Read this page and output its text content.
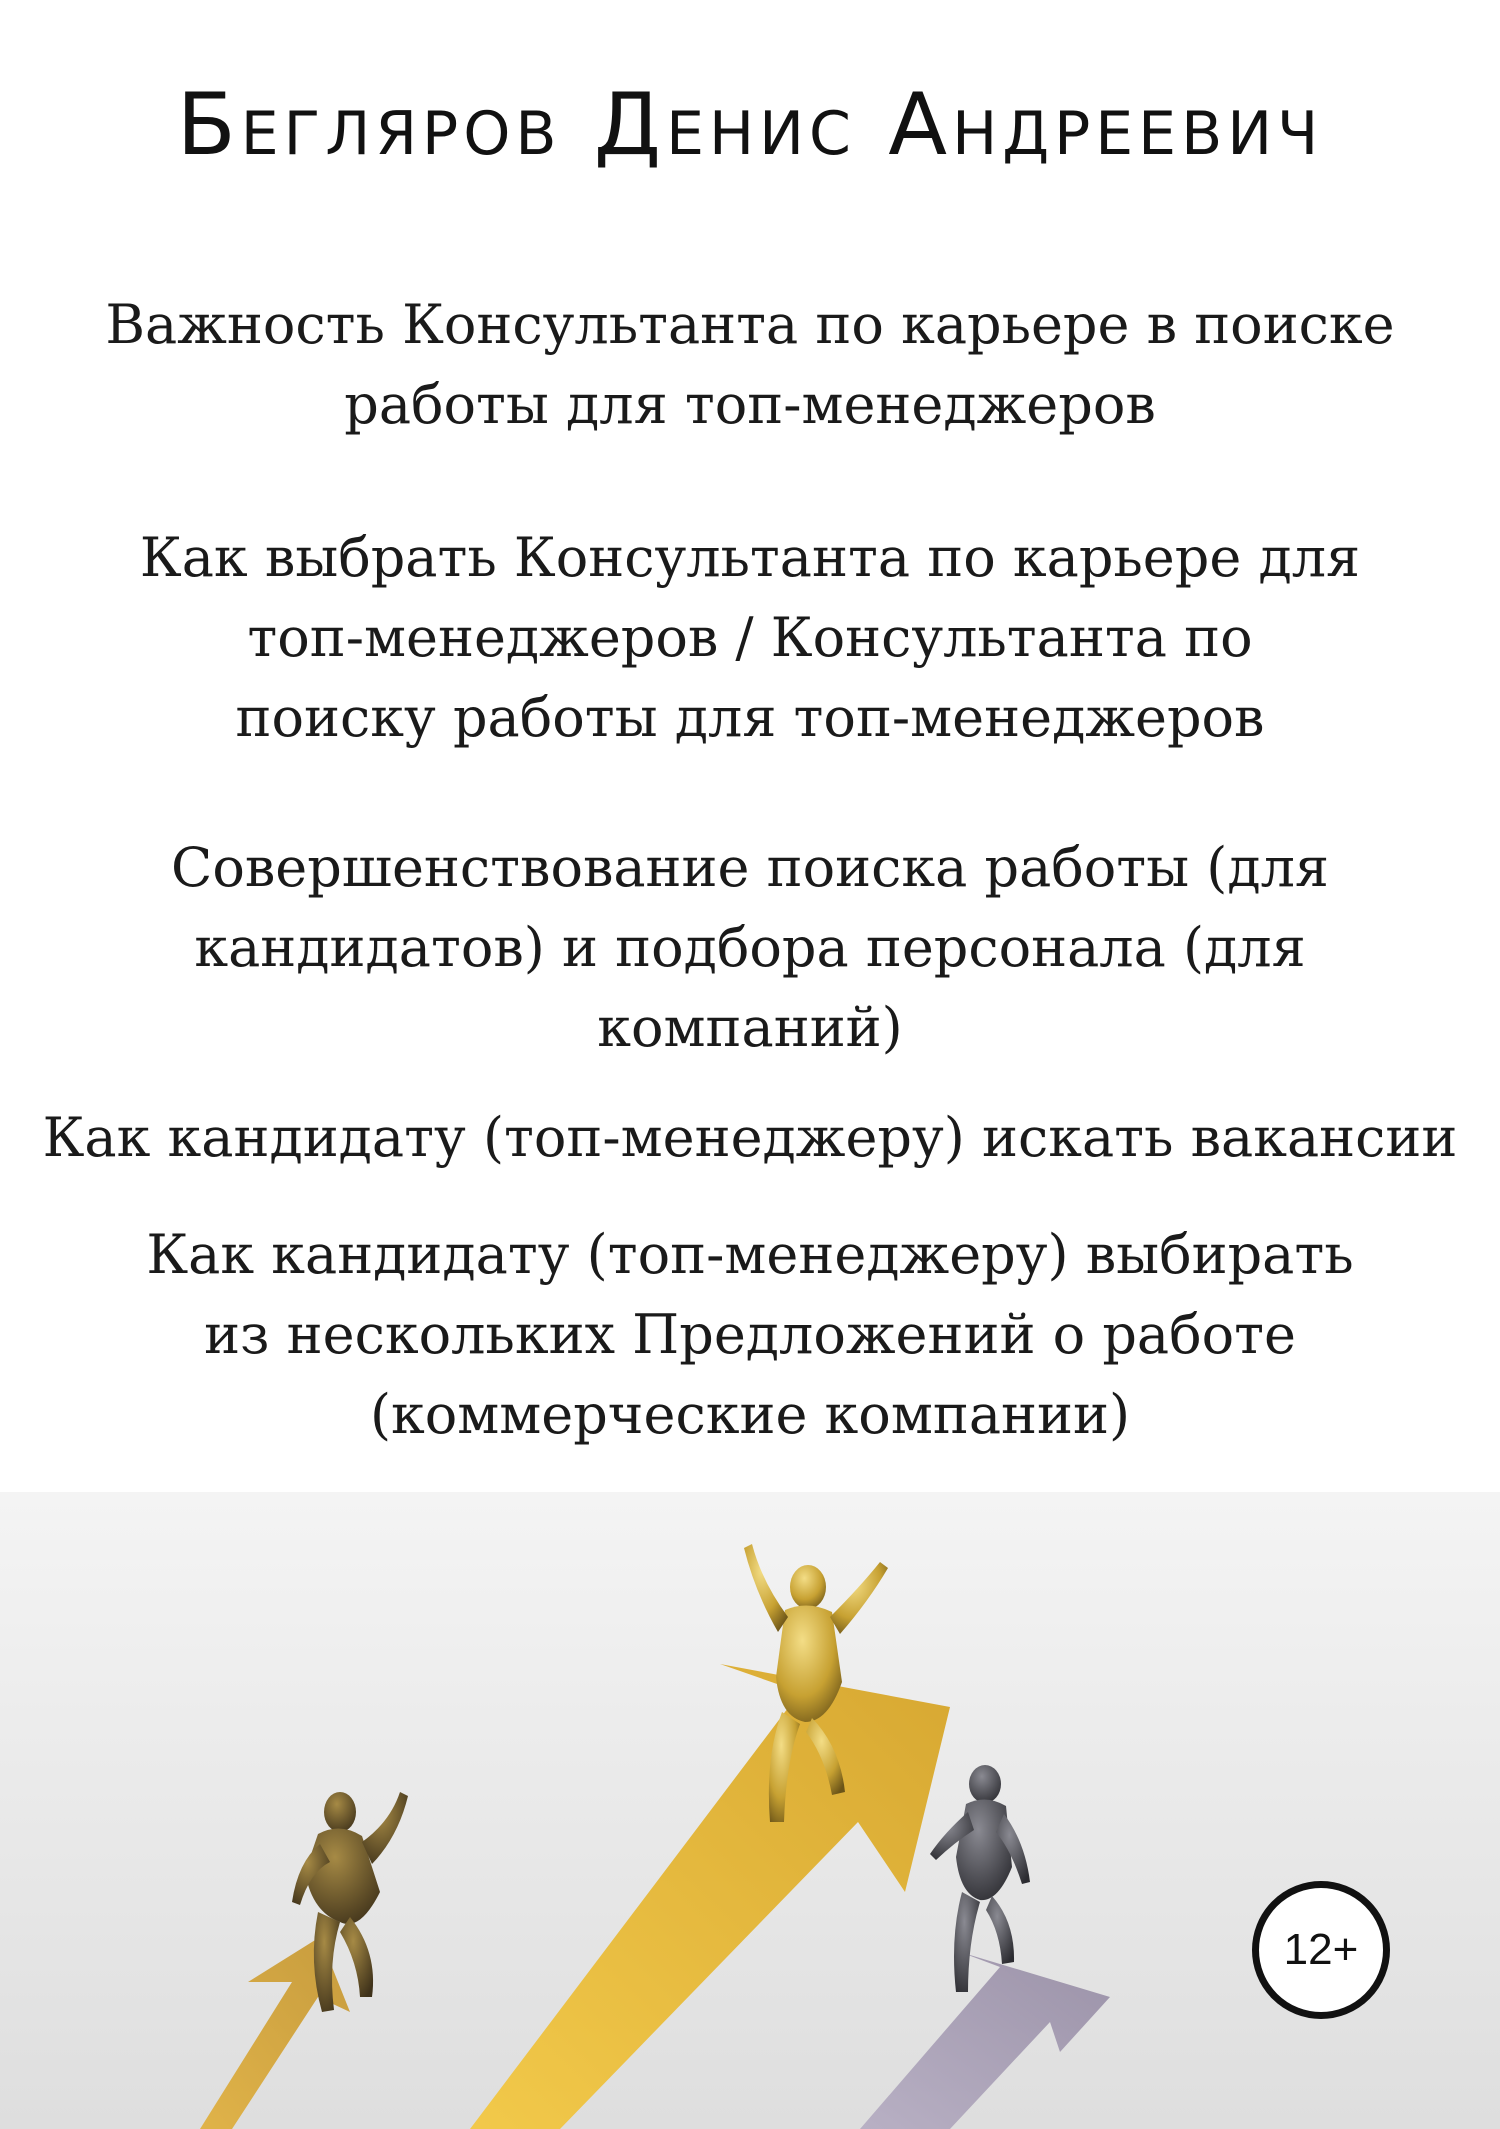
Бегляров Денис Андреевич
Важность Консультанта по карьере в поиске
работы для топ-менеджеров
Как выбрать Консультанта по карьере для
топ-менеджеров / Консультанта по
поиску работы для топ-менеджеров
Совершенствование поиска работы (для
кандидатов) и подбора персонала (для
компаний)
Как кандидату (топ-менеджеру) искать вакансии
Как кандидату (топ-менеджеру) выбирать
из нескольких Предложений о работе
(коммерческие компании)
12+
